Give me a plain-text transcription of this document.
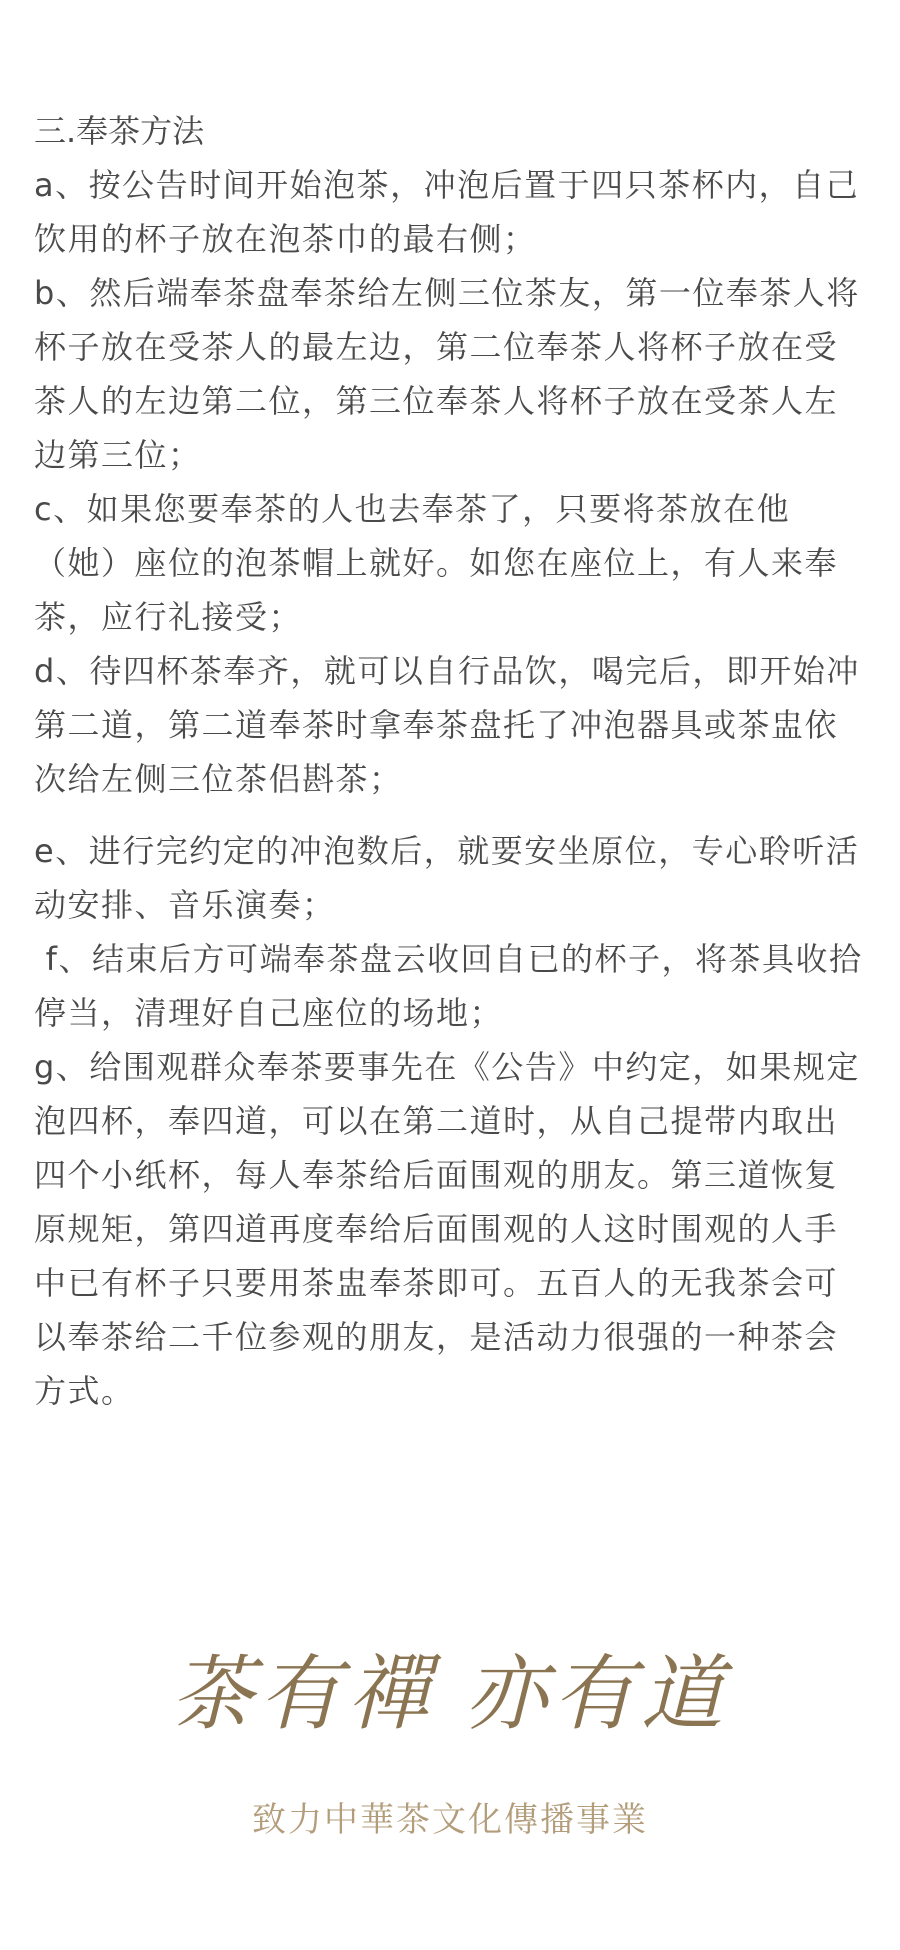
三.奉茶方法

a、按公告时间开始泡茶，冲泡后置于四只茶杯内，自己饮用的杯子放在泡茶巾的最右侧；

b、然后端奉茶盘奉茶给左侧三位茶友，第一位奉茶人将杯子放在受茶人的最左边，第二位奉茶人将杯子放在受茶人的左边第二位，第三位奉茶人将杯子放在受茶人左边第三位；

c、如果您要奉茶的人也去奉茶了，只要将茶放在他（她）座位的泡茶帽上就好。如您在座位上，有人来奉茶，应行礼接受；

d、待四杯茶奉齐，就可以自行品饮，喝完后，即开始冲第二道，第二道奉茶时拿奉茶盘托了冲泡器具或茶盅依次给左侧三位茶侣斟茶；

e、进行完约定的冲泡数后，就要安坐原位，专心聆听活动安排、音乐演奏；

f、结束后方可端奉茶盘云收回自已的杯子，将茶具收拾停当，清理好自己座位的场地；

g、给围观群众奉茶要事先在《公告》中约定，如果规定泡四杯，奉四道，可以在第二道时，从自己提带内取出四个小纸杯，每人奉茶给后面围观的朋友。第三道恢复原规矩，第四道再度奉给后面围观的人这时围观的人手中已有杯子只要用茶盅奉茶即可。五百人的无我茶会可以奉茶给二千位参观的朋友，是活动力很强的一种茶会方式。

茶有禪 亦有道
致力中華茶文化傳播事業
